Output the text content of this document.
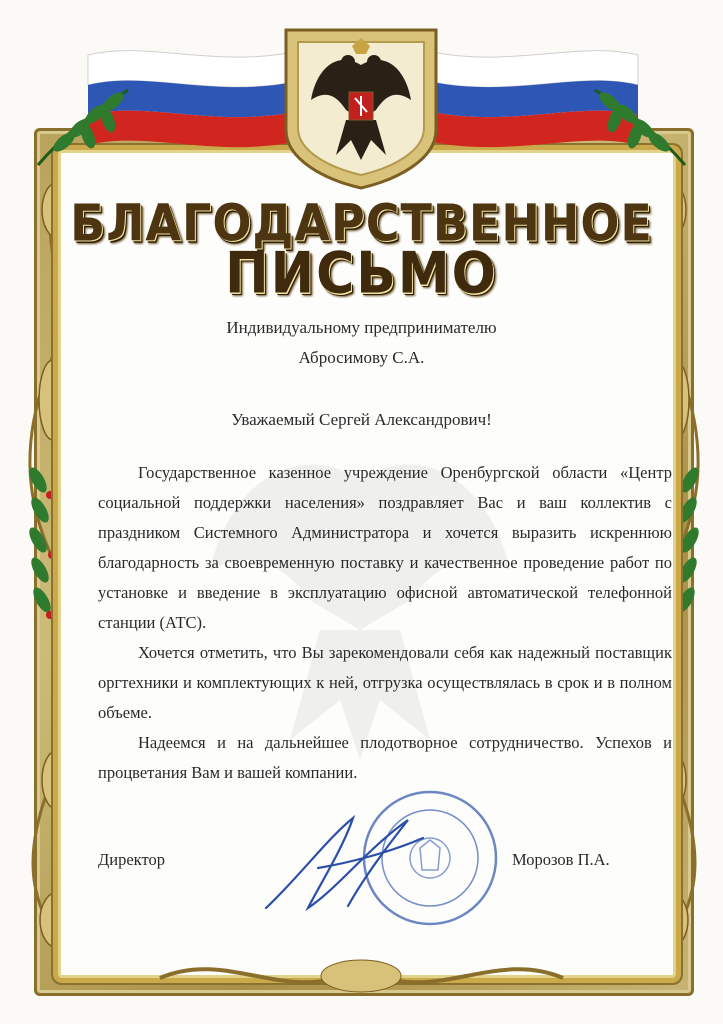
БЛАГОДАРСТВЕННОЕ
ПИСЬМО
Индивидуальному предпринимателю
Абросимову С.А.
Уважаемый Сергей Александрович!

Государственное казенное учреждение Оренбургской области «Центр социальной поддержки населения» поздравляет Вас и ваш коллектив с праздником Системного Администратора и хочется выразить искреннюю благодарность за своевременную поставку и качественное проведение работ по установке и введение в эксплуатацию офисной автоматической телефонной станции (АТС).

Хочется отметить, что Вы зарекомендовали себя как надежный поставщик оргтехники и комплектующих к ней, отгрузка осуществлялась в срок и в полном объеме.

Надеемся и на дальнейшее плодотворное сотрудничество. Успехов и процветания Вам и вашей компании.

Директор	Морозов П.А.
